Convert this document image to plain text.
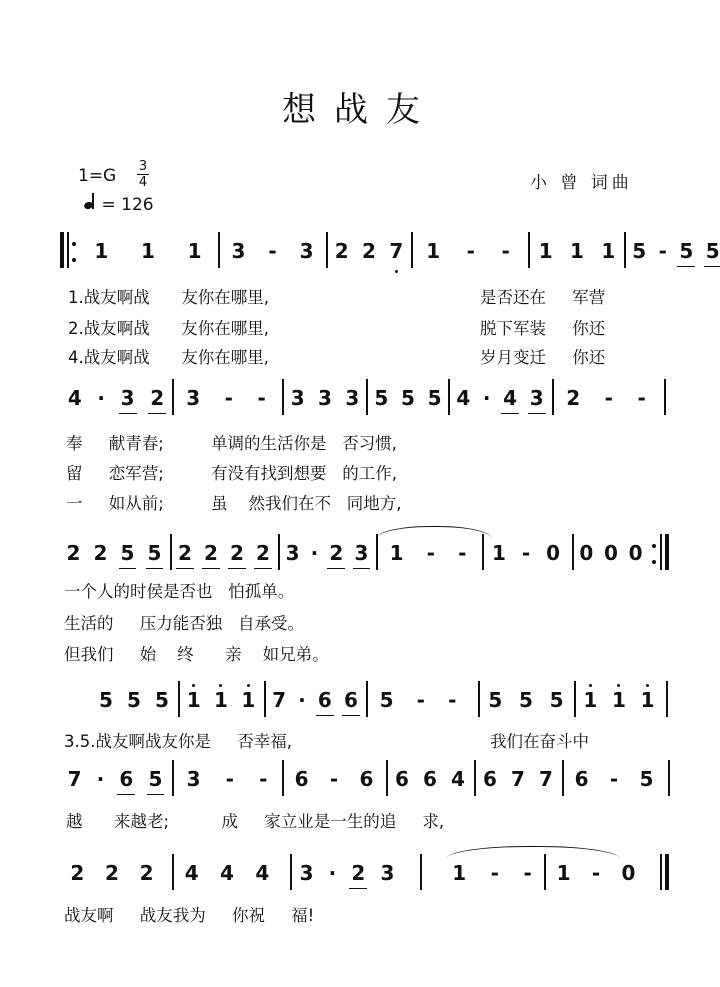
想战友
1=G 3
4
= 126
小 曾 词曲
1 1 1 3 - 3 2 2 7 1 - - 1 1 1 5 - 5 5
1.战友啊战      友你在哪里,	是否还在     军营
2.战友啊战      友你在哪里,	脱下军装     你还
4.战友啊战      友你在哪里,	岁月变迁     你还
4 · 3 2 3 - - 3 3 3 5 5 5 4 · 4 3 2 - -
奉     献青春;         单调的生活你是   否习惯,
留     恋军营;         有没有找到想要   的工作,
一     如从前;         虽    然我们在不   同地方,
2 2 5 5 2 2 2 2 3 · 2 3 1 - - 1 - 0 0 0 0
一个人的时侯是否也   怕孤单。
生活的     压力能否独   自承受。
但我们     始    终      亲    如兄弟。
5 5 5 1 1 1 7 · 6 6 5 - - 5 5 5 1 1 1
3.5.战友啊战友你是     否幸福,	我们在奋斗中
7 · 6 5 3 - - 6 - 6 6 6 4 6 7 7 6 - 5
越      来越老;          成     家立业是一生的追     求,
2 2 2 4 4 4 3 · 2 3	1 - - 1 - 0
战友啊     战友我为     你祝     福!
